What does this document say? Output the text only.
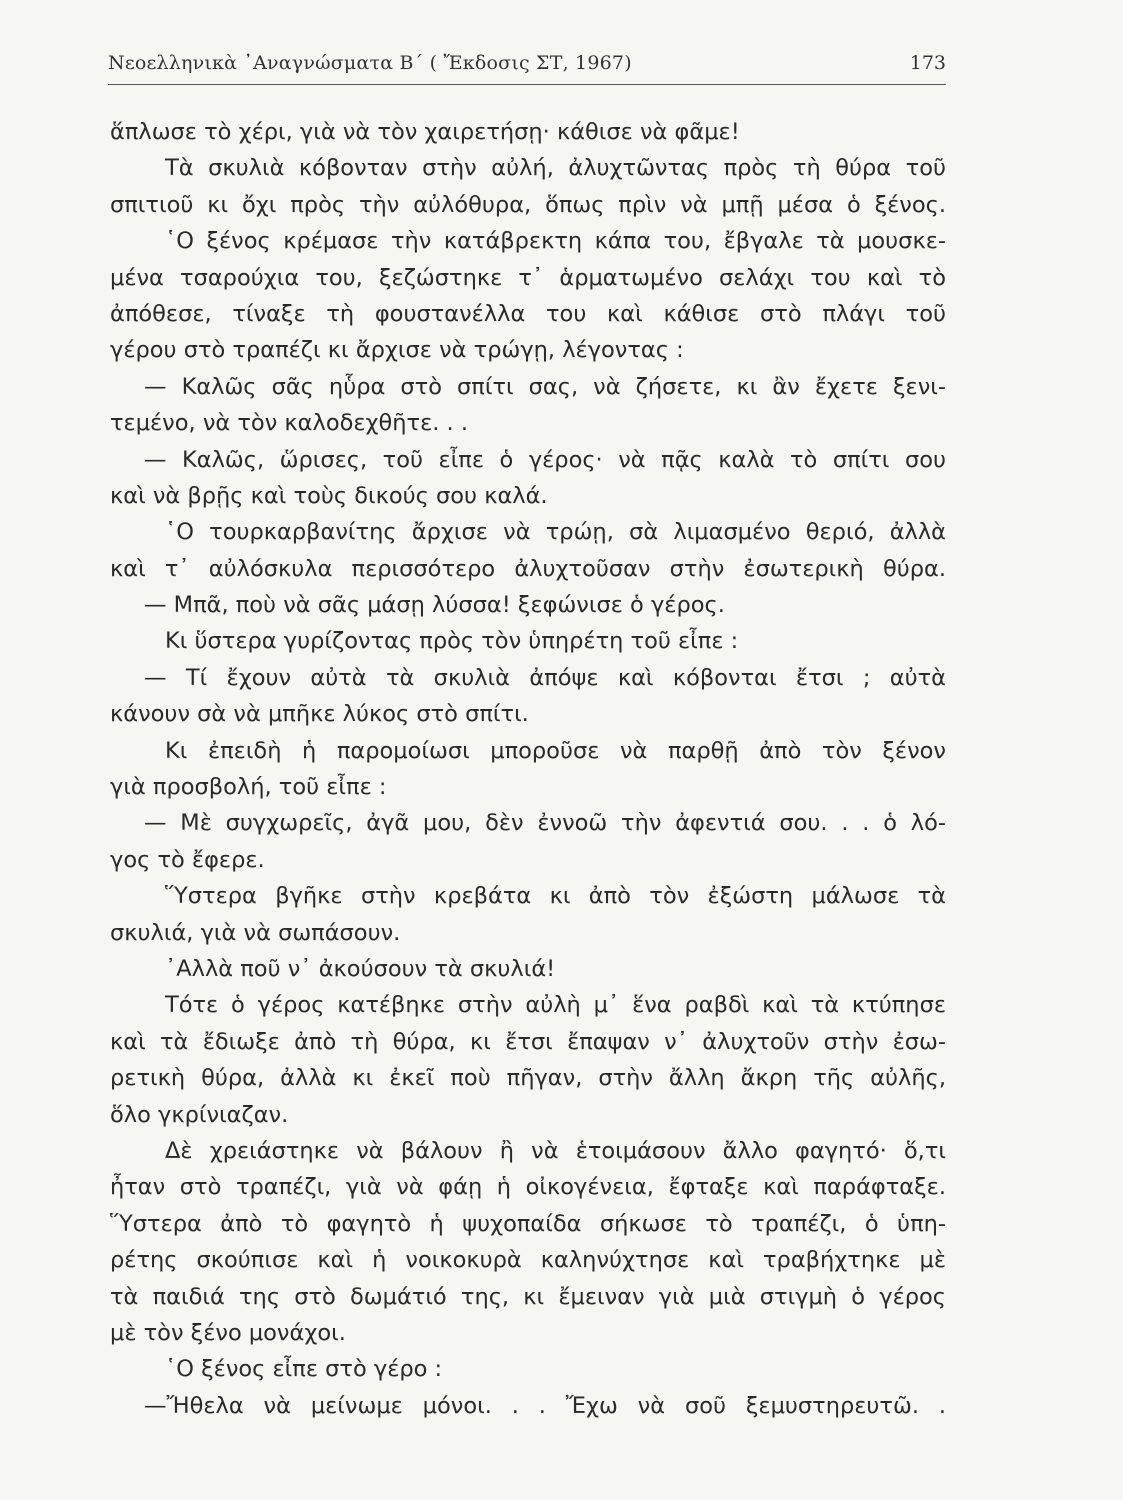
Νεοελληνικὰ ᾿Αναγνώσματα Β΄ ( Ἔκδοσις ΣΤ, 1967)	173
ἅπλωσε τὸ χέρι, γιὰ νὰ τὸν χαιρετήσῃ· κάθισε νὰ φᾶμε!
Τὰ σκυλιὰ κόβονταν στὴν αὐλή, ἀλυχτῶντας πρὸς τὴ θύρα τοῦ
σπιτιοῦ κι ὄχι πρὸς τὴν αὐλόθυρα, ὅπως πρὶν νὰ μπῇ μέσα ὁ ξένος.
῾Ο ξένος κρέμασε τὴν κατάβρεκτη κάπα του, ἔβγαλε τὰ μουσκε-
μένα τσαρούχια του, ξεζώστηκε τ᾿ ἁρματωμένο σελάχι του καὶ τὸ
ἀπόθεσε, τίναξε τὴ φουστανέλλα του καὶ κάθισε στὸ πλάγι τοῦ
γέρου στὸ τραπέζι κι ἄρχισε νὰ τρώγῃ, λέγοντας :
— Καλῶς σᾶς ηὗρα στὸ σπίτι σας, νὰ ζήσετε, κι ἂν ἔχετε ξενι-
τεμένο, νὰ τὸν καλοδεχθῆτε. . .
— Καλῶς, ὥρισες, τοῦ εἶπε ὁ γέρος· νὰ πᾷς καλὰ τὸ σπίτι σου
καὶ νὰ βρῇς καὶ τοὺς δικούς σου καλά.
῾Ο τουρκαρβανίτης ἄρχισε νὰ τρώῃ, σὰ λιμασμένο θεριό, ἀλλὰ
καὶ τ᾿ αὐλόσκυλα περισσότερο ἀλυχτοῦσαν στὴν ἐσωτερικὴ θύρα.
— Μπᾶ, ποὺ νὰ σᾶς μάσῃ λύσσα! ξεφώνισε ὁ γέρος.
Κι ὕστερα γυρίζοντας πρὸς τὸν ὑπηρέτη τοῦ εἶπε :
— Τί ἔχουν αὐτὰ τὰ σκυλιὰ ἀπόψε καὶ κόβονται ἔτσι ; αὐτὰ
κάνουν σὰ νὰ μπῆκε λύκος στὸ σπίτι.
Κι ἐπειδὴ ἡ παρομοίωσι μποροῦσε νὰ παρθῇ ἀπὸ τὸν ξένον
γιὰ προσβολή, τοῦ εἶπε :
— Μὲ συγχωρεῖς, ἀγᾶ μου, δὲν ἐννοῶ τὴν ἀφεντιά σου. . . ὁ λό-
γος τὸ ἔφερε.
Ὕστερα βγῆκε στὴν κρεβάτα κι ἀπὸ τὸν ἐξώστη μάλωσε τὰ
σκυλιά, γιὰ νὰ σωπάσουν.
᾿Αλλὰ ποῦ ν᾿ ἀκούσουν τὰ σκυλιά!
Τότε ὁ γέρος κατέβηκε στὴν αὐλὴ μ᾿ ἕνα ραβδὶ καὶ τὰ κτύπησε
καὶ τὰ ἔδιωξε ἀπὸ τὴ θύρα, κι ἔτσι ἔπαψαν ν᾿ ἀλυχτοῦν στὴν ἐσω-
ρετικὴ θύρα, ἀλλὰ κι ἐκεῖ ποὺ πῆγαν, στὴν ἄλλη ἄκρη τῆς αὐλῆς,
ὅλο γκρίνιαζαν.
Δὲ χρειάστηκε νὰ βάλουν ἢ νὰ ἑτοιμάσουν ἄλλο φαγητό· ὅ,τι
ἦταν στὸ τραπέζι, γιὰ νὰ φάῃ ἡ οἰκογένεια, ἔφταξε καὶ παράφταξε.
Ὕστερα ἀπὸ τὸ φαγητὸ ἡ ψυχοπαίδα σήκωσε τὸ τραπέζι, ὁ ὑπη-
ρέτης σκούπισε καὶ ἡ νοικοκυρὰ καληνύχτησε καὶ τραβήχτηκε μὲ
τὰ παιδιά της στὸ δωμάτιό της, κι ἔμειναν γιὰ μιὰ στιγμὴ ὁ γέρος
μὲ τὸν ξένο μονάχοι.
῾Ο ξένος εἶπε στὸ γέρο :
—Ἤθελα νὰ μείνωμε μόνοι. . . Ἔχω νὰ σοῦ ξεμυστηρευτῶ. .
